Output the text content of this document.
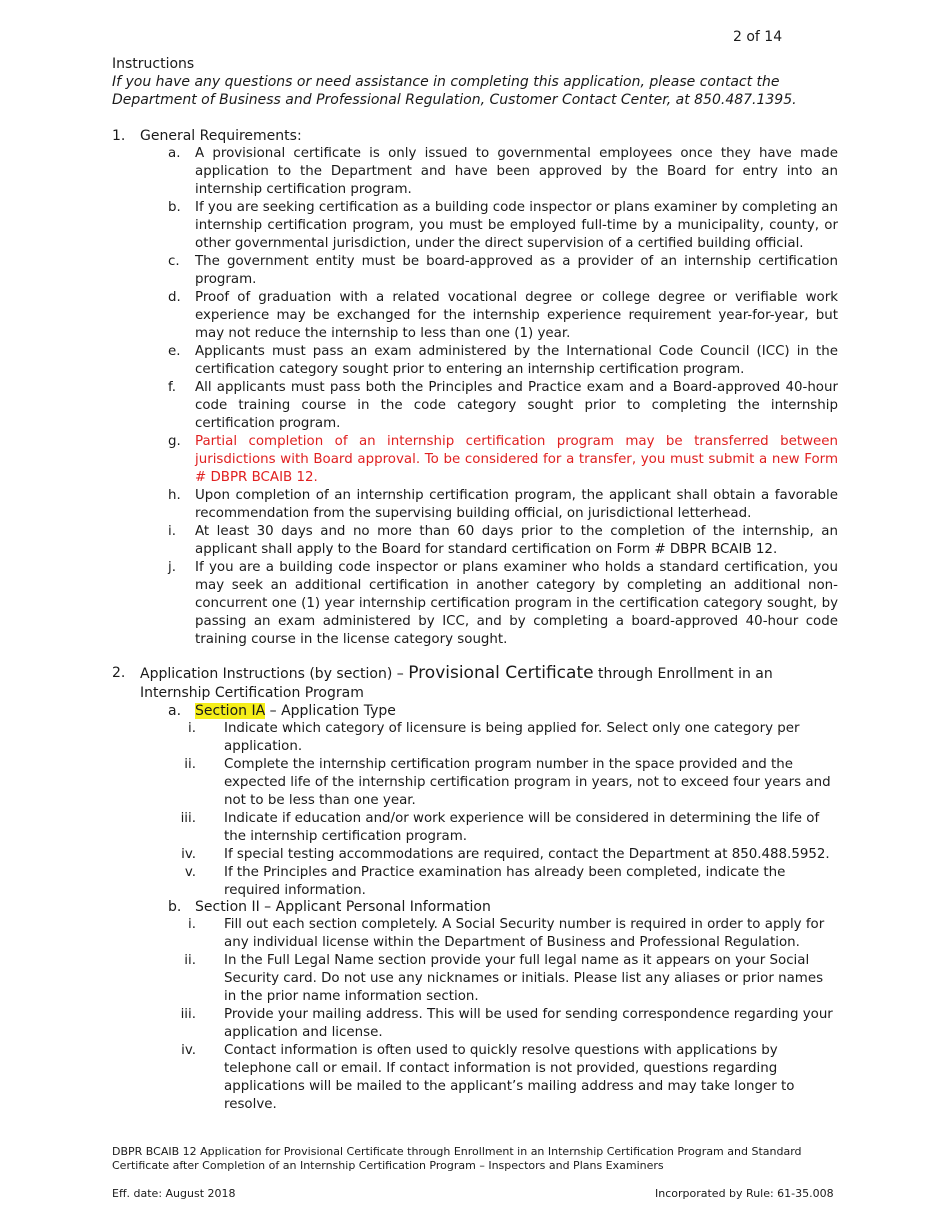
2 of 14
Instructions
If you have any questions or need assistance in completing this application, please contact the Department of Business and Professional Regulation, Customer Contact Center, at 850.487.1395.
1. General Requirements:
a.	A provisional certificate is only issued to governmental employees once they have made application to the Department and have been approved by the Board for entry into an internship certification program.
b.	If you are seeking certification as a building code inspector or plans examiner by completing an internship certification program, you must be employed full-time by a municipality, county, or other governmental jurisdiction, under the direct supervision of a certified building official.
c.	The government entity must be board-approved as a provider of an internship certification program.
d.	Proof of graduation with a related vocational degree or college degree or verifiable work experience may be exchanged for the internship experience requirement year-for-year, but may not reduce the internship to less than one (1) year.
e.	Applicants must pass an exam administered by the International Code Council (ICC) in the certification category sought prior to entering an internship certification program.
f.	All applicants must pass both the Principles and Practice exam and a Board-approved 40-hour code training course in the code category sought prior to completing the internship certification program.
g.	Partial completion of an internship certification program may be transferred between jurisdictions with Board approval. To be considered for a transfer, you must submit a new Form # DBPR BCAIB 12.
h.	Upon completion of an internship certification program, the applicant shall obtain a favorable recommendation from the supervising building official, on jurisdictional letterhead.
i.	At least 30 days and no more than 60 days prior to the completion of the internship, an applicant shall apply to the Board for standard certification on Form # DBPR BCAIB 12.
j.	If you are a building code inspector or plans examiner who holds a standard certification, you may seek an additional certification in another category by completing an additional non-concurrent one (1) year internship certification program in the certification category sought, by passing an exam administered by ICC, and by completing a board-approved 40-hour code training course in the license category sought.
2. Application Instructions (by section) – Provisional Certificate through Enrollment in an
Internship Certification Program
a. Section IA – Application Type
i. Indicate which category of licensure is being applied for. Select only one category per application.
ii. Complete the internship certification program number in the space provided and the expected life of the internship certification program in years, not to exceed four years and not to be less than one year.
iii. Indicate if education and/or work experience will be considered in determining the life of the internship certification program.
iv. If special testing accommodations are required, contact the Department at 850.488.5952.
v. If the Principles and Practice examination has already been completed, indicate the required information.
b. Section II – Applicant Personal Information
i. Fill out each section completely. A Social Security number is required in order to apply for any individual license within the Department of Business and Professional Regulation.
ii. In the Full Legal Name section provide your full legal name as it appears on your Social Security card. Do not use any nicknames or initials. Please list any aliases or prior names in the prior name information section.
iii. Provide your mailing address. This will be used for sending correspondence regarding your application and license.
iv. Contact information is often used to quickly resolve questions with applications by telephone call or email. If contact information is not provided, questions regarding applications will be mailed to the applicant’s mailing address and may take longer to resolve.
DBPR BCAIB 12 Application for Provisional Certificate through Enrollment in an Internship Certification Program and Standard Certificate after Completion of an Internship Certification Program – Inspectors and Plans Examiners
Eff. date: August 2018	Incorporated by Rule: 61-35.008
